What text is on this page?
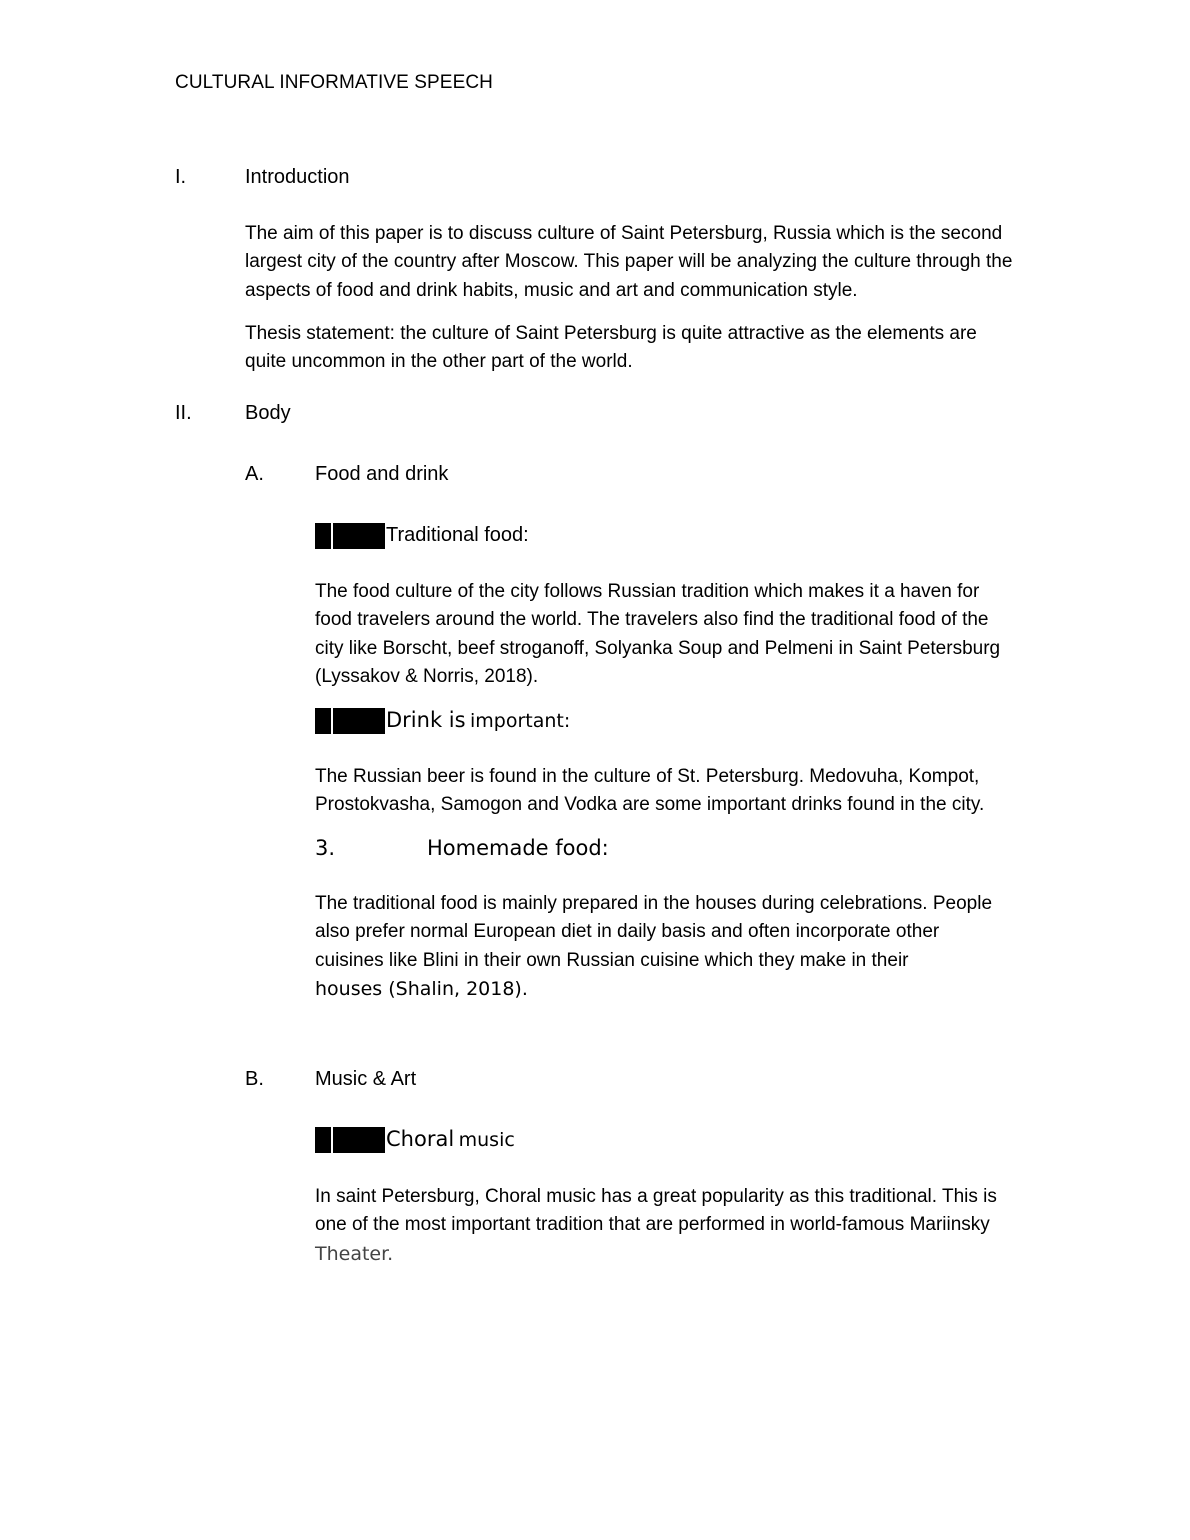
CULTURAL INFORMATIVE SPEECH
I.	Introduction
The aim of this paper is to discuss culture of Saint Petersburg, Russia which is the second largest city of the country after Moscow. This paper will be analyzing the culture through the aspects of food and drink habits, music and art and communication style.
Thesis statement: the culture of Saint Petersburg is quite attractive as the elements are quite uncommon in the other part of the world.
II.	Body
A.	Food and drink
Traditional food:
The food culture of the city follows Russian tradition which makes it a haven for food travelers around the world. The travelers also find the traditional food of the city like Borscht, beef stroganoff, Solyanka Soup and Pelmeni in Saint Petersburg (Lyssakov & Norris, 2018).
Drink is important:
The Russian beer is found in the culture of St. Petersburg. Medovuha, Kompot, Prostokvasha, Samogon and Vodka are some important drinks found in the city.
3.	Homemade food:
The traditional food is mainly prepared in the houses during celebrations. People also prefer normal European diet in daily basis and often incorporate other cuisines like Blini in their own Russian cuisine which they make in their
houses (Shalin, 2018).
B.	Music & Art
Choral music
In saint Petersburg, Choral music has a great popularity as this traditional. This is one of the most important tradition that are performed in world-famous Mariinsky Theater.
